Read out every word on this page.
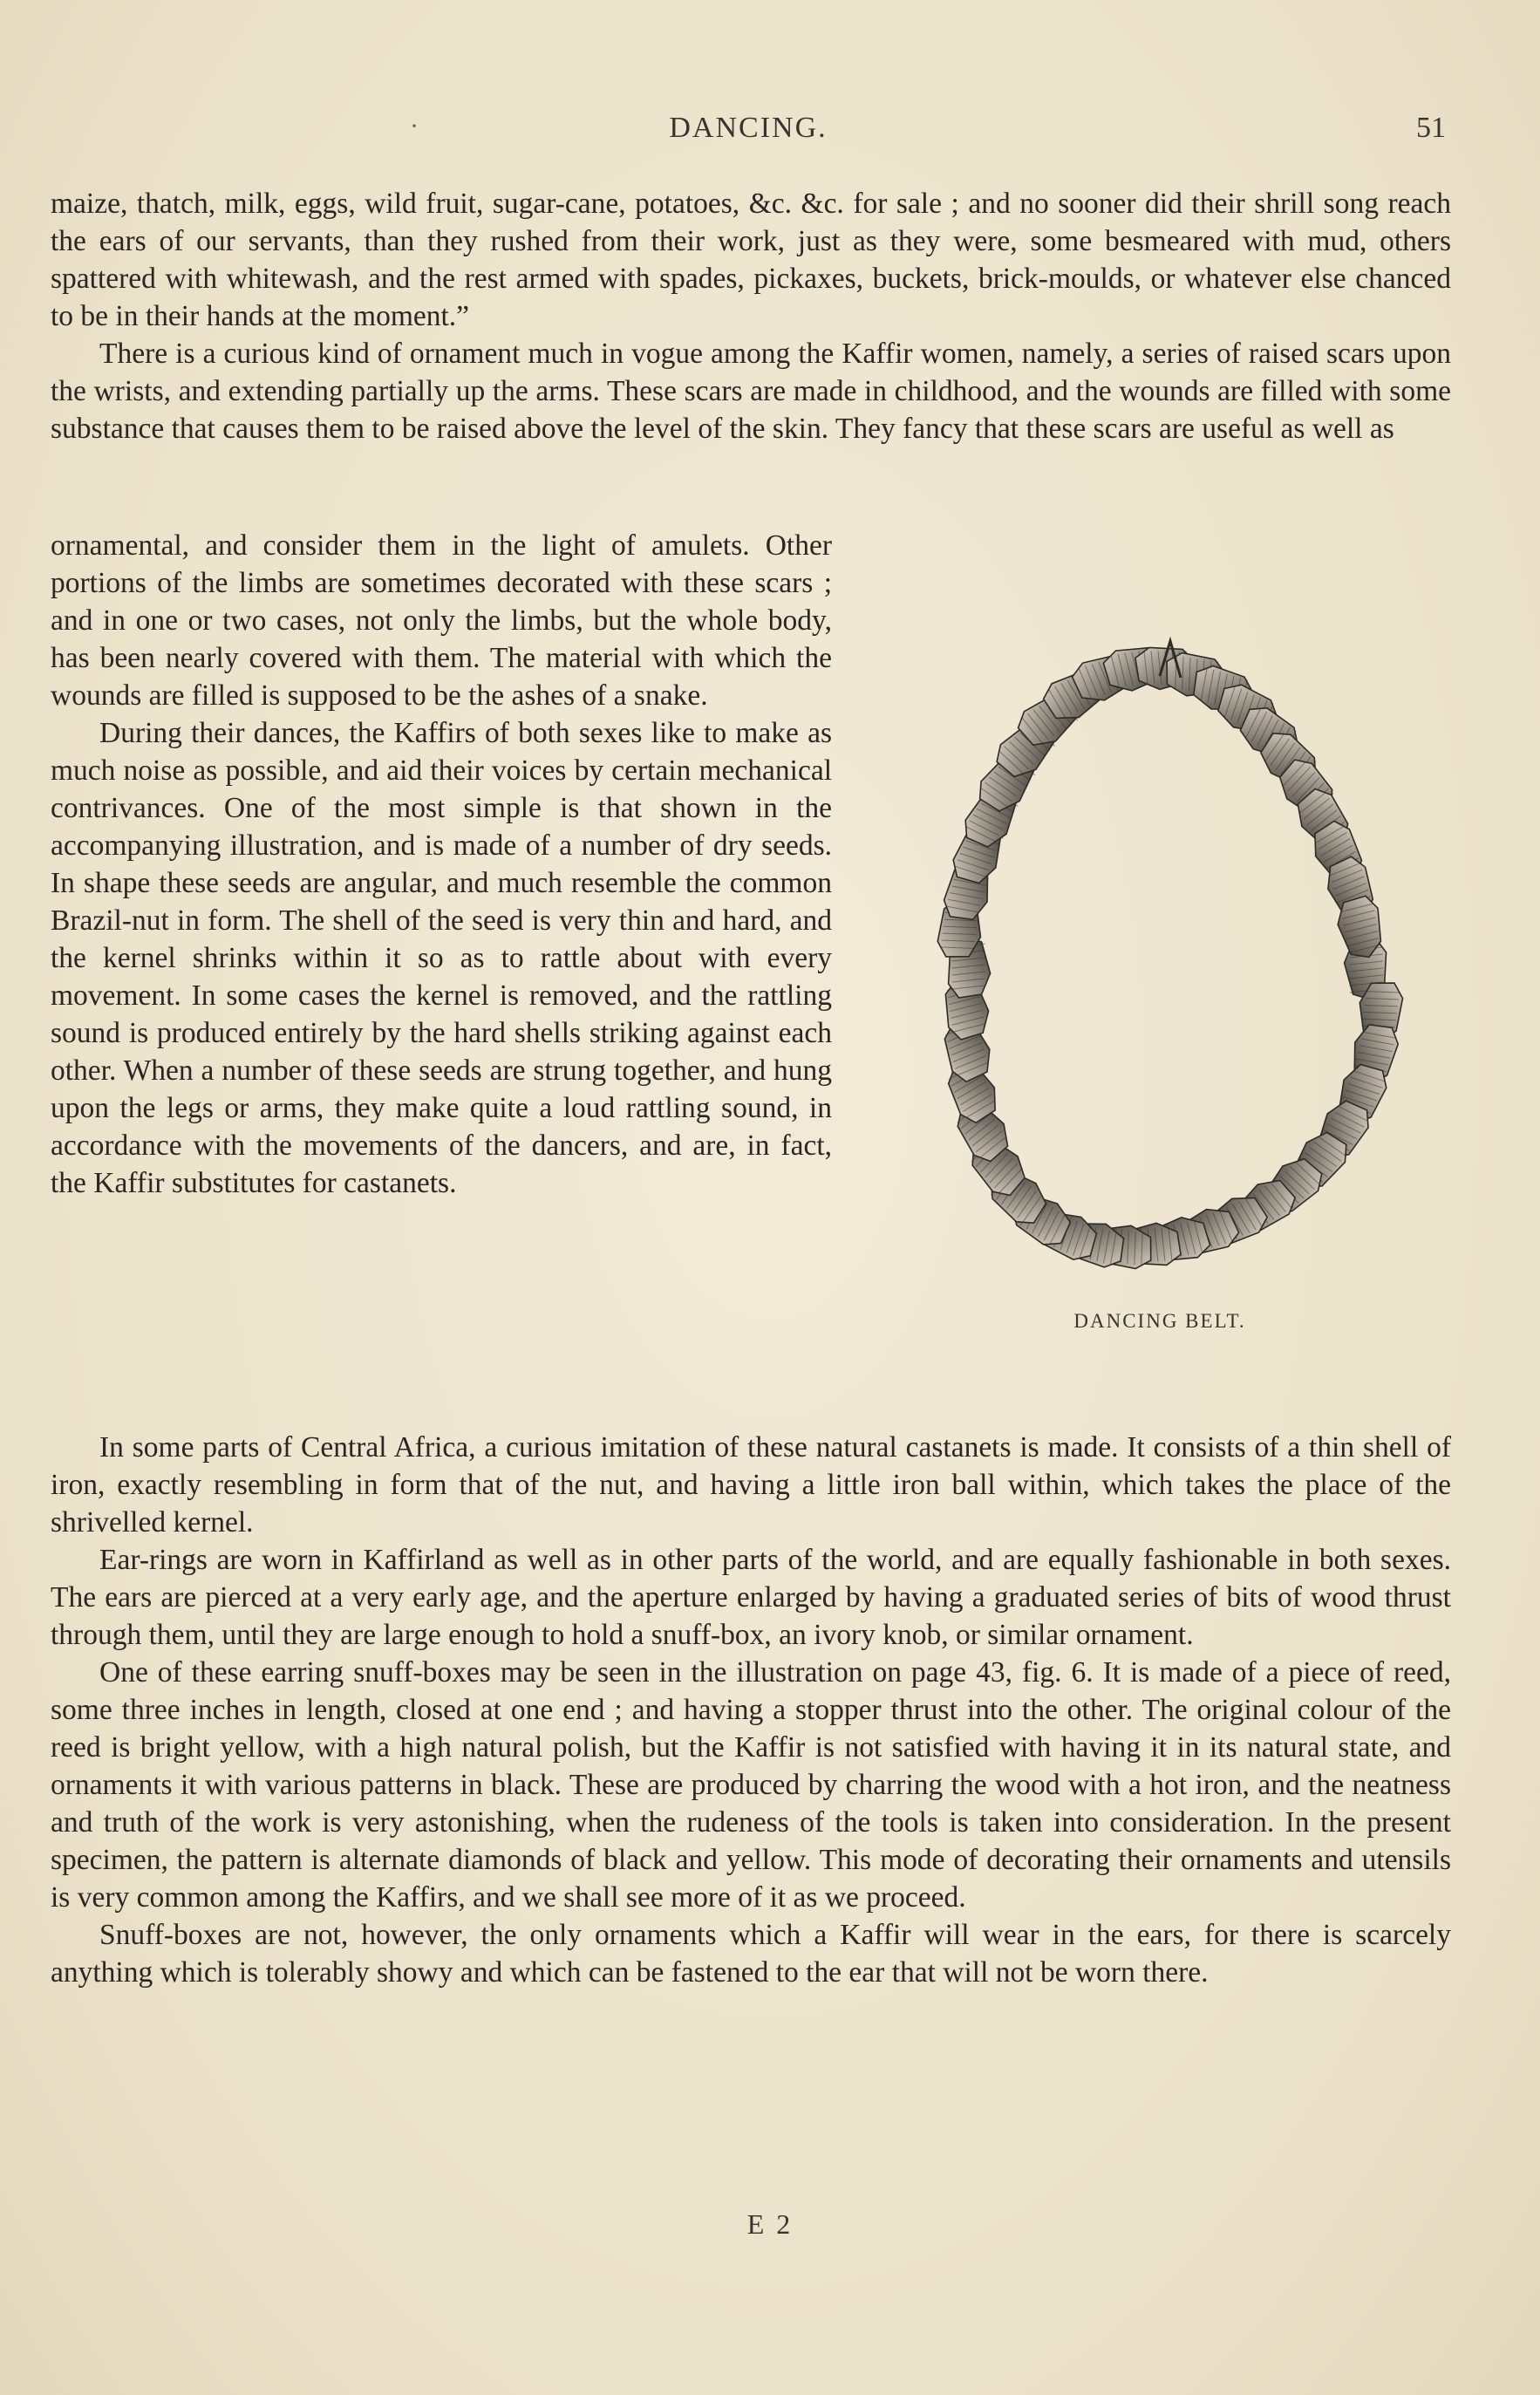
·	DANCING.	51

maize, thatch, milk, eggs, wild fruit, sugar-cane, potatoes, &c. &c. for sale ; and no sooner did their shrill song reach the ears of our servants, than they rushed from their work, just as they were, some besmeared with mud, others spattered with whitewash, and the rest armed with spades, pickaxes, buckets, brick-moulds, or whatever else chanced to be in their hands at the moment.”

There is a curious kind of ornament much in vogue among the Kaffir women, namely, a series of raised scars upon the wrists, and extending partially up the arms. These scars are made in childhood, and the wounds are filled with some substance that causes them to be raised above the level of the skin. They fancy that these scars are useful as well as

ornamental, and consider them in the light of amulets. Other portions of the limbs are sometimes decorated with these scars ; and in one or two cases, not only the limbs, but the whole body, has been nearly covered with them. The material with which the wounds are filled is supposed to be the ashes of a snake.

During their dances, the Kaffirs of both sexes like to make as much noise as possible, and aid their voices by certain mechanical contrivances. One of the most simple is that shown in the accompanying illustration, and is made of a number of dry seeds. In shape these seeds are angular, and much resemble the common Brazil-nut in form. The shell of the seed is very thin and hard, and the kernel shrinks within it so as to rattle about with every movement. In some cases the kernel is removed, and the rattling sound is produced entirely by the hard shells striking against each other. When a number of these seeds are strung together, and hung upon the legs or arms, they make quite a loud rattling sound, in accordance with the movements of the dancers, and are, in fact, the Kaffir substitutes for castanets.

DANCING BELT.

In some parts of Central Africa, a curious imitation of these natural castanets is made. It consists of a thin shell of iron, exactly resembling in form that of the nut, and having a little iron ball within, which takes the place of the shrivelled kernel.

Ear-rings are worn in Kaffirland as well as in other parts of the world, and are equally fashionable in both sexes. The ears are pierced at a very early age, and the aperture enlarged by having a graduated series of bits of wood thrust through them, until they are large enough to hold a snuff-box, an ivory knob, or similar ornament.

One of these earring snuff-boxes may be seen in the illustration on page 43, fig. 6. It is made of a piece of reed, some three inches in length, closed at one end ; and having a stopper thrust into the other. The original colour of the reed is bright yellow, with a high natural polish, but the Kaffir is not satisfied with having it in its natural state, and ornaments it with various patterns in black. These are produced by charring the wood with a hot iron, and the neatness and truth of the work is very astonishing, when the rudeness of the tools is taken into consideration. In the present specimen, the pattern is alternate diamonds of black and yellow. This mode of decorating their ornaments and utensils is very common among the Kaffirs, and we shall see more of it as we proceed.

Snuff-boxes are not, however, the only ornaments which a Kaffir will wear in the ears, for there is scarcely anything which is tolerably showy and which can be fastened to the ear that will not be worn there.

E 2
